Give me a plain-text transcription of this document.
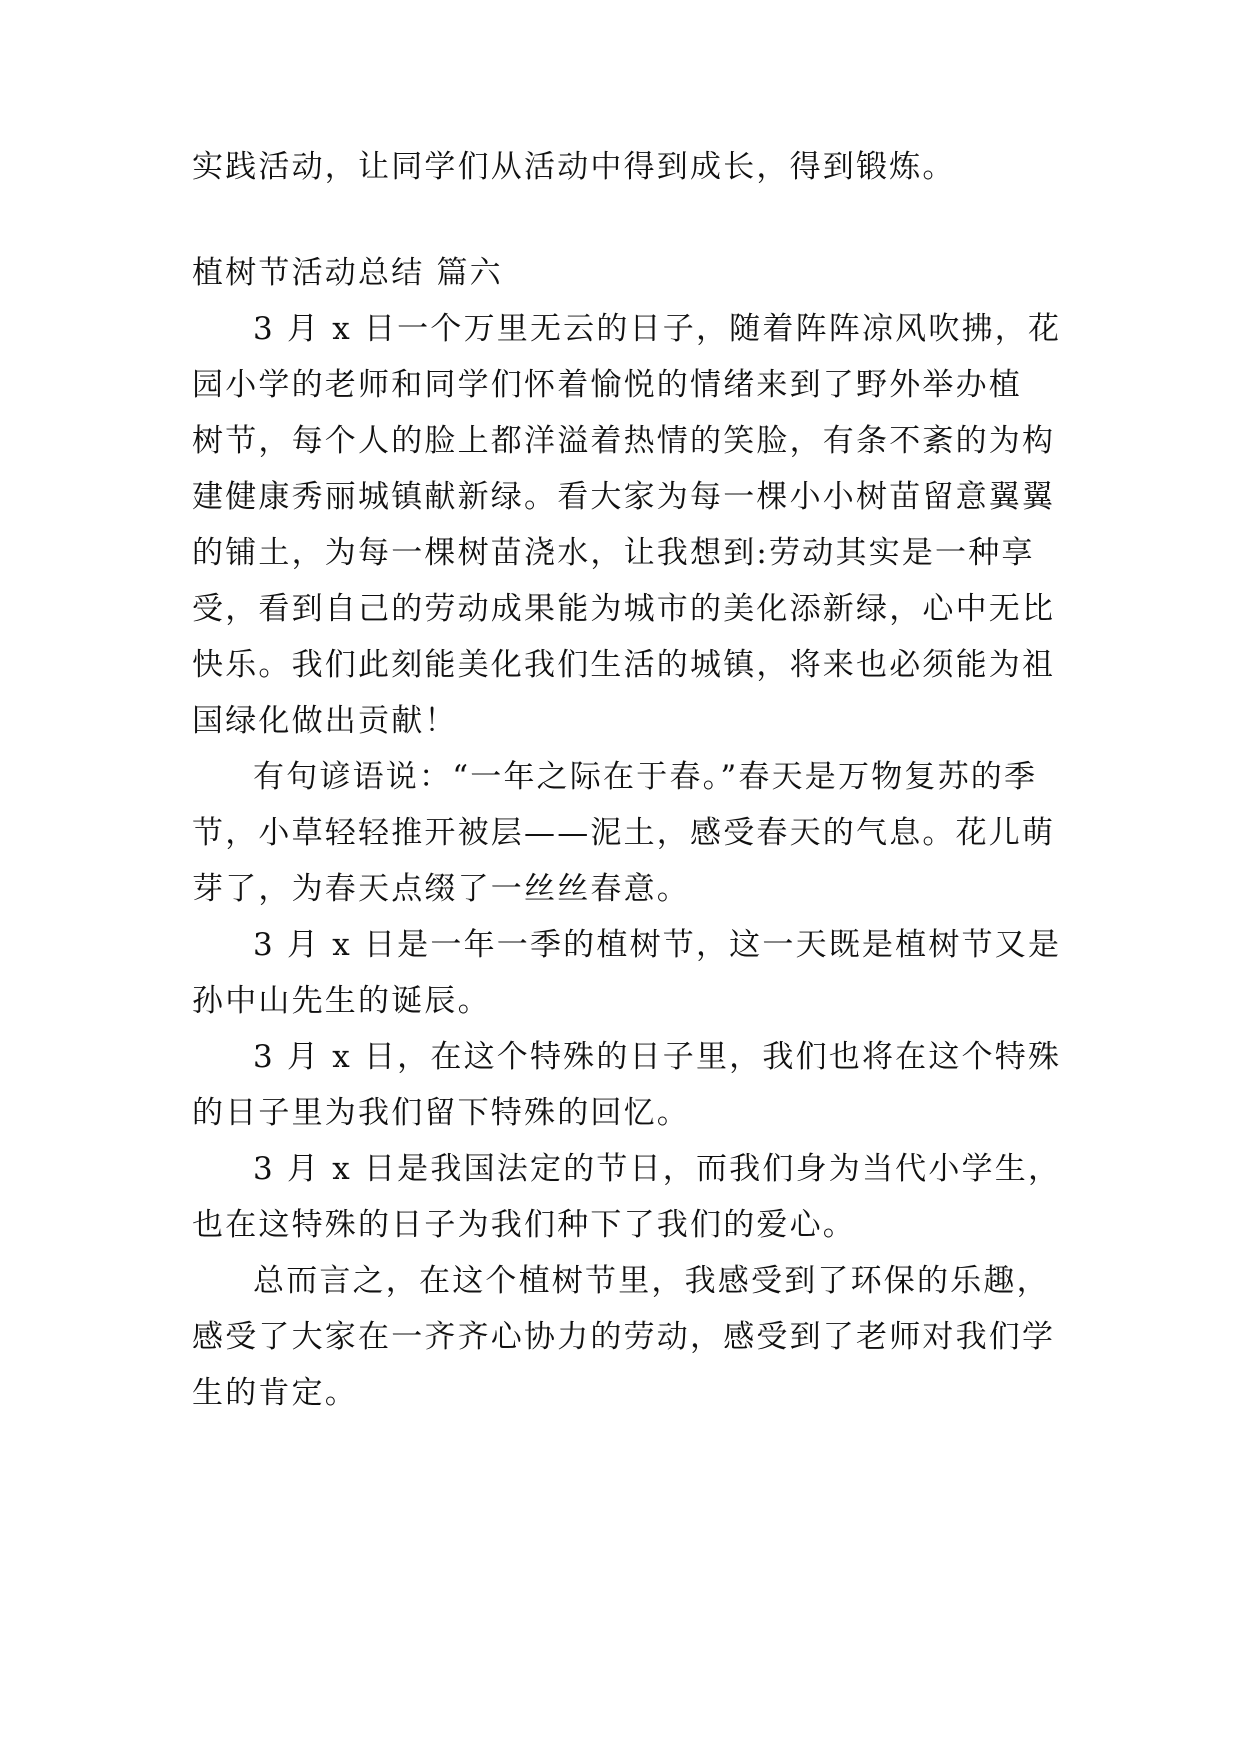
实践活动，让同学们从活动中得到成长，得到锻炼。
植树节活动总结 篇六
3 月 x 日一个万里无云的日子，随着阵阵凉风吹拂，花
园小学的老师和同学们怀着愉悦的情绪来到了野外举办植
树节，每个人的脸上都洋溢着热情的笑脸，有条不紊的为构
建健康秀丽城镇献新绿。看大家为每一棵小小树苗留意翼翼
的铺土，为每一棵树苗浇水，让我想到:劳动其实是一种享
受，看到自己的劳动成果能为城市的美化添新绿，心中无比
快乐。我们此刻能美化我们生活的城镇，将来也必须能为祖
国绿化做出贡献！
有句谚语说：“一年之际在于春。”春天是万物复苏的季
节，小草轻轻推开被层——泥土，感受春天的气息。花儿萌
芽了，为春天点缀了一丝丝春意。
3 月 x 日是一年一季的植树节，这一天既是植树节又是
孙中山先生的诞辰。
3 月 x 日，在这个特殊的日子里，我们也将在这个特殊
的日子里为我们留下特殊的回忆。
3 月 x 日是我国法定的节日，而我们身为当代小学生，
也在这特殊的日子为我们种下了我们的爱心。
总而言之，在这个植树节里，我感受到了环保的乐趣，
感受了大家在一齐齐心协力的劳动，感受到了老师对我们学
生的肯定。
